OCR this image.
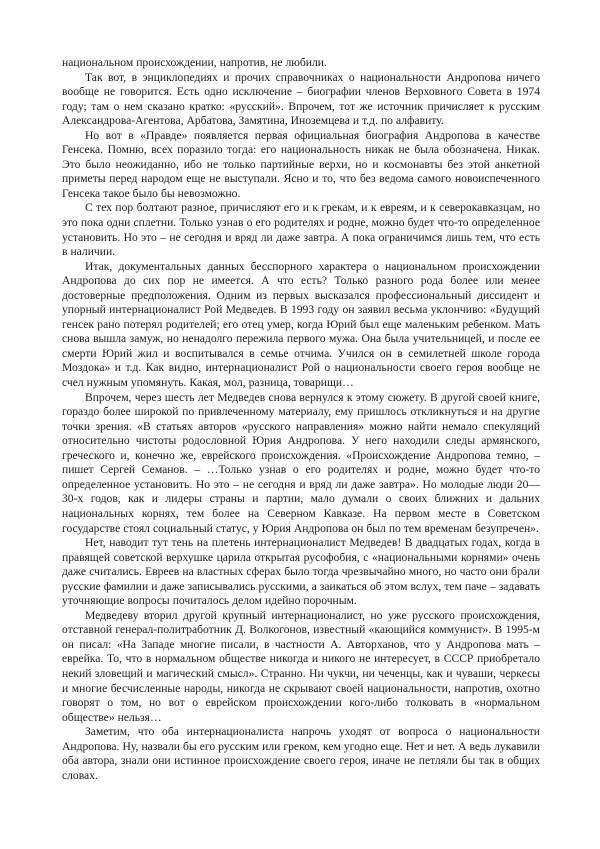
национальном происхождении, напротив, не любили.

Так вот, в энциклопедиях и прочих справочниках о национальности Андропова ничего вообще не говорится. Есть одно исключение – биографии членов Верховного Совета в 1974 году; там о нем сказано кратко: «русский». Впрочем, тот же источник причисляет к русским Александрова-Агентова, Арбатова, Замятина, Иноземцева и т.д. по алфавиту.

Но вот в «Правде» появляется первая официальная биография Андропова в качестве Генсека. Помню, всех поразило тогда: его национальность никак не была обозначена. Никак. Это было неожиданно, ибо не только партийные верхи, но и космонавты без этой анкетной приметы перед народом еще не выступали. Ясно и то, что без ведома самого новоиспеченного Генсека такое было бы невозможно.

С тех пор болтают разное, причисляют его и к грекам, и к евреям, и к северокавказцам, но это пока одни сплетни. Только узнав о его родителях и родне, можно будет что-то определенное установить. Но это – не сегодня и вряд ли даже завтра. А пока ограничимся лишь тем, что есть в наличии.

Итак, документальных данных бесспорного характера о национальном происхождении Андропова до сих пор не имеется. А что есть? Только разного рода более или менее достоверные предположения. Одним из первых высказался профессиональный диссидент и упорный интернационалист Рой Медведев. В 1993 году он заявил весьма уклончиво: «Будущий генсек рано потерял родителей; его отец умер, когда Юрий был еще маленьким ребенком. Мать снова вышла замуж, но ненадолго пережила первого мужа. Она была учительницей, и после ее смерти Юрий жил и воспитывался в семье отчима. Учился он в семилетней школе города Моздока» и т.д. Как видно, интернационалист Рой о национальности своего героя вообще не счел нужным упомянуть. Какая, мол, разница, товарищи…

Впрочем, через шесть лет Медведев снова вернулся к этому сюжету. В другой своей книге, гораздо более широкой по привлеченному материалу, ему пришлось откликнуться и на другие точки зрения. «В статьях авторов «русского направления» можно найти немало спекуляций относительно чистоты родословной Юрия Андропова. У него находили следы армянского, греческого и, конечно же, еврейского происхождения. «Происхождение Андропова темно, – пишет Сергей Семанов. – …Только узнав о его родителях и родне, можно будет что-то определенное установить. Но это – не сегодня и вряд ли даже завтра». Но молодые люди 20—30-х годов, как и лидеры страны и партии, мало думали о своих ближних и дальних национальных корнях, тем более на Северном Кавказе. На первом месте в Советском государстве стоял социальный статус, у Юрия Андропова он был по тем временам безупречен».

Нет, наводит тут тень на плетень интернационалист Медведев! В двадцатых годах, когда в правящей советской верхушке царила открытая русофобия, с «национальными корнями» очень даже считались. Евреев на властных сферах было тогда чрезвычайно много, но часто они брали русские фамилии и даже записывались русскими, а заикаться об этом вслух, тем паче – задавать уточняющие вопросы почиталось делом идейно порочным.

Медведеву вторил другой крупный интернационалист, но уже русского происхождения, отставной генерал-политработник Д. Волкогонов, известный «кающийся коммунист». В 1995-м он писал: «На Западе многие писали, в частности А. Авторханов, что у Андропова мать – еврейка. То, что в нормальном обществе никогда и никого не интересует, в СССР приобретало некий зловещий и магический смысл». Странно. Ни чукчи, ни чеченцы, как и чуваши, черкесы и многие бесчисленные народы, никогда не скрывают своей национальности, напротив, охотно говорят о том, но вот о еврейском происхождении кого-либо толковать в «нормальном обществе» нельзя…

Заметим, что оба интернационалиста напрочь уходят от вопроса о национальности Андропова. Ну, назвали бы его русским или греком, кем угодно еще. Нет и нет. А ведь лукавили оба автора, знали они истинное происхождение своего героя, иначе не петляли бы так в общих словах.
